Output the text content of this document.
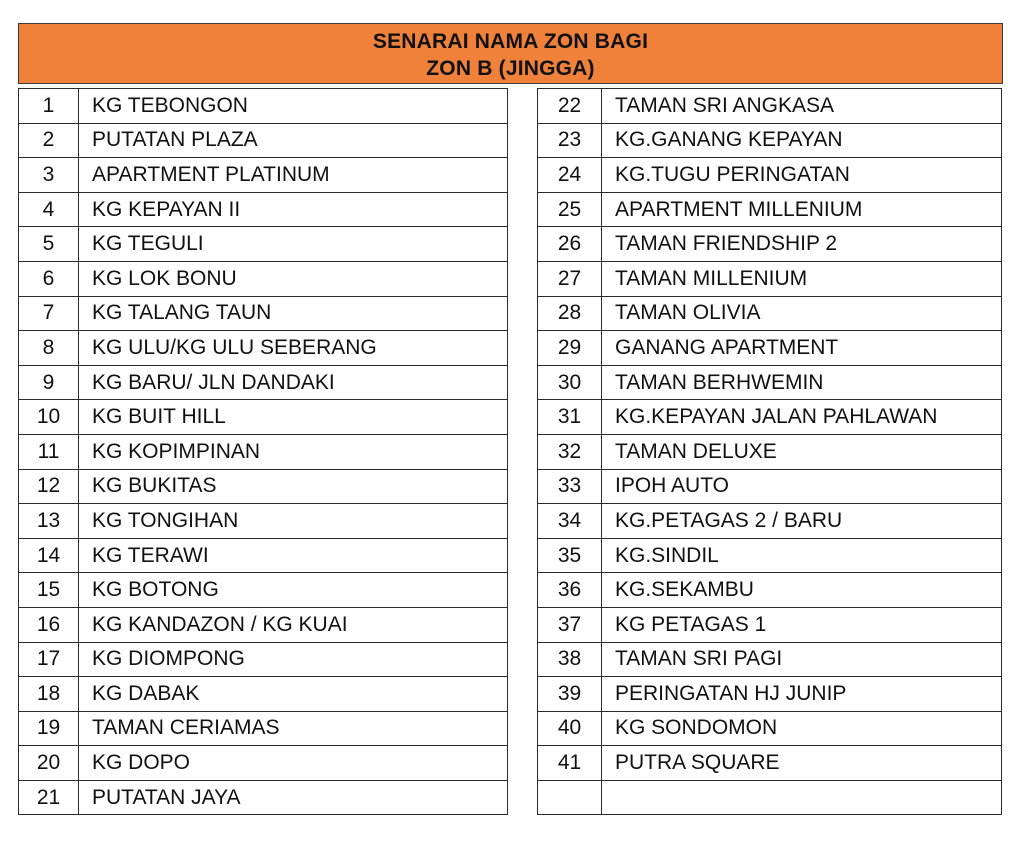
SENARAI NAMA ZON BAGI
ZON B (JINGGA)
1	KG TEBONGON
2	PUTATAN PLAZA
3	APARTMENT PLATINUM
4	KG KEPAYAN II
5	KG TEGULI
6	KG LOK BONU
7	KG TALANG TAUN
8	KG ULU/KG ULU SEBERANG
9	KG BARU/ JLN DANDAKI
10	KG BUIT HILL
11	KG KOPIMPINAN
12	KG BUKITAS
13	KG TONGIHAN
14	KG TERAWI
15	KG BOTONG
16	KG KANDAZON / KG KUAI
17	KG DIOMPONG
18	KG DABAK
19	TAMAN CERIAMAS
20	KG DOPO
21	PUTATAN JAYA
22	TAMAN SRI ANGKASA
23	KG.GANANG KEPAYAN
24	KG.TUGU PERINGATAN
25	APARTMENT MILLENIUM
26	TAMAN FRIENDSHIP 2
27	TAMAN MILLENIUM
28	TAMAN OLIVIA
29	GANANG APARTMENT
30	TAMAN BERHWEMIN
31	KG.KEPAYAN JALAN PAHLAWAN
32	TAMAN DELUXE
33	IPOH AUTO
34	KG.PETAGAS 2 / BARU
35	KG.SINDIL
36	KG.SEKAMBU
37	KG PETAGAS 1
38	TAMAN SRI PAGI
39	PERINGATAN HJ JUNIP
40	KG SONDOMON
41	PUTRA SQUARE
